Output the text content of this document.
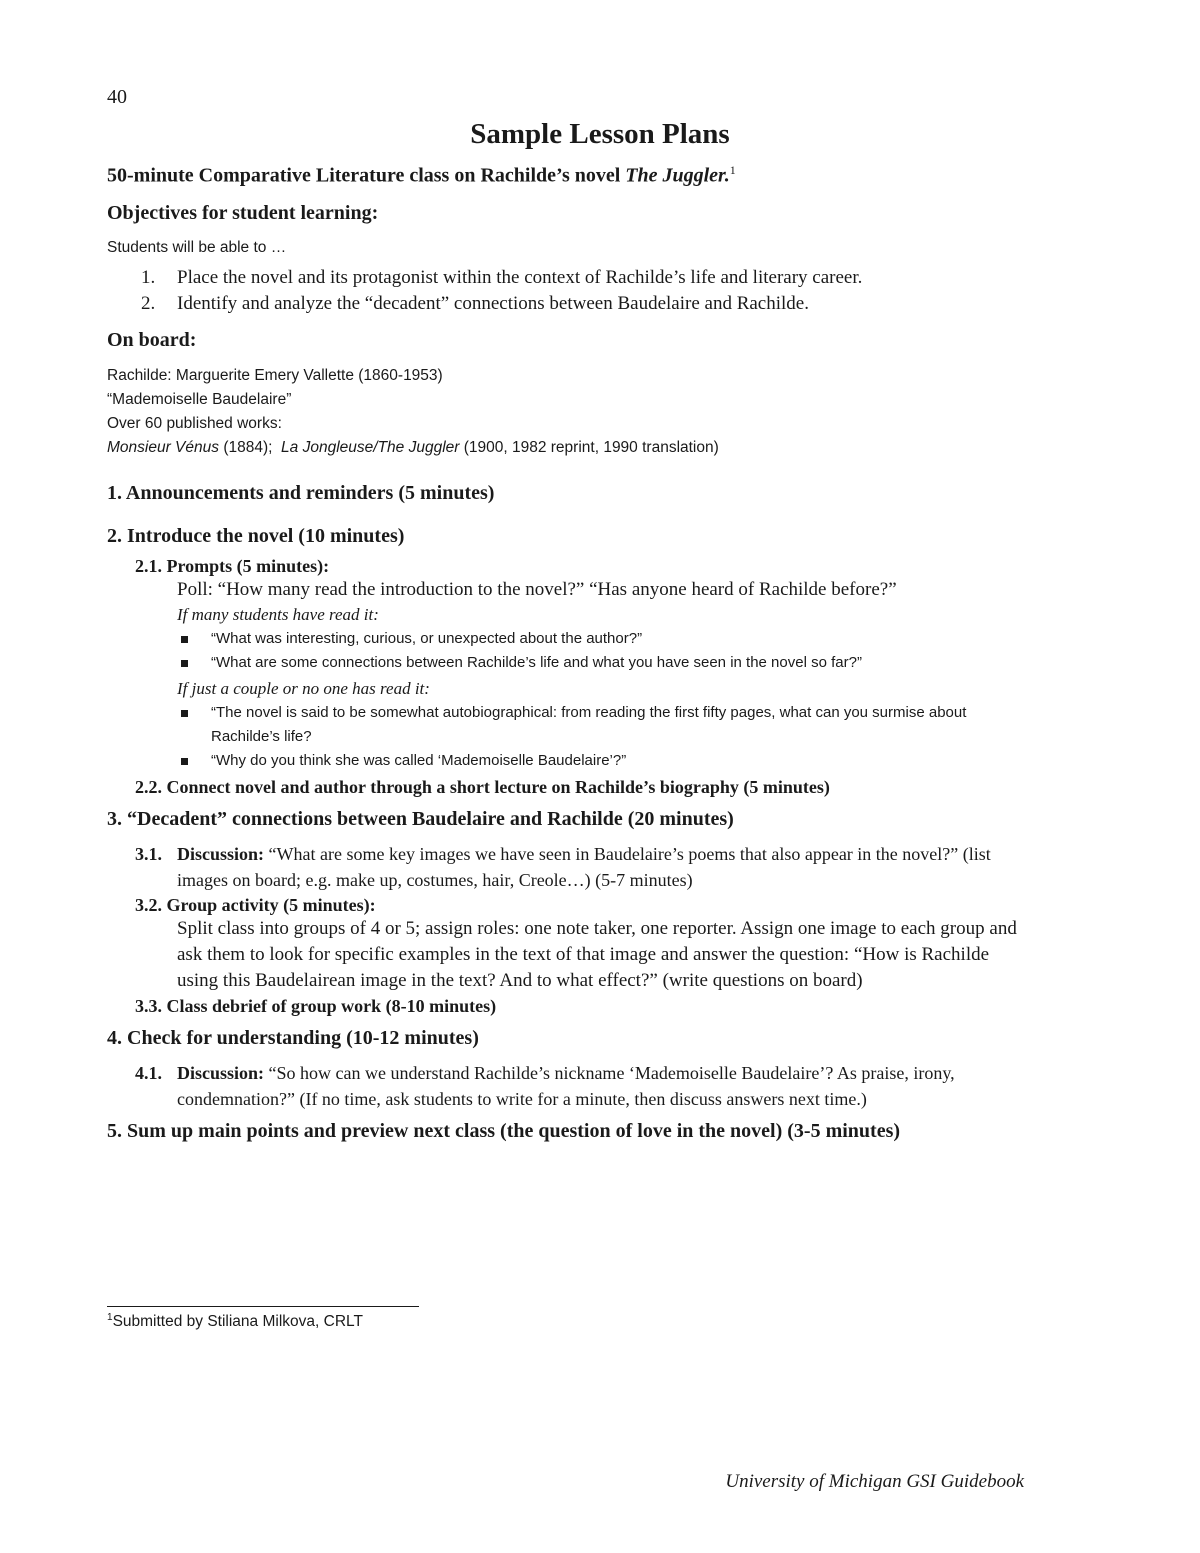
40
Sample Lesson Plans

50-minute Comparative Literature class on Rachilde’s novel The Juggler.$^1$

Objectives for student learning:

Students will be able to …

1.	Place the novel and its protagonist within the context of Rachilde’s life and literary career.
2.	Identify and analyze the “decadent” connections between Baudelaire and Rachilde.

On board:

Rachilde: Marguerite Emery Vallette (1860-1953)
“Mademoiselle Baudelaire”
Over 60 published works:
Monsieur Vénus (1884);  La Jongleuse/The Juggler (1900, 1982 reprint, 1990 translation)

1. Announcements and reminders (5 minutes)

2. Introduce the novel (10 minutes)

2.1. Prompts (5 minutes):

Poll: “How many read the introduction to the novel?” “Has anyone heard of Rachilde before?”

If many students have read it:

“What was interesting, curious, or unexpected about the author?”
“What are some connections between Rachilde’s life and what you have seen in the novel so far?”

If just a couple or no one has read it:

“The novel is said to be somewhat autobiographical: from reading the first fifty pages, what can you surmise about Rachilde’s life?
“Why do you think she was called ‘Mademoiselle Baudelaire’?”

2.2. Connect novel and author through a short lecture on Rachilde’s biography (5 minutes)

3. “Decadent” connections between Baudelaire and Rachilde (20 minutes)

3.1. Discussion: “What are some key images we have seen in Baudelaire’s poems that also appear in the novel?” (list images on board; e.g. make up, costumes, hair, Creole…) (5-7 minutes)

3.2. Group activity (5 minutes):

Split class into groups of 4 or 5; assign roles: one note taker, one reporter. Assign one image to each group and ask them to look for specific examples in the text of that image and answer the question: “How is Rachilde using this Baudelairean image in the text? And to what effect?” (write questions on board)

3.3. Class debrief of group work (8-10 minutes)

4. Check for understanding (10-12 minutes)

4.1. Discussion: “So how can we understand Rachilde’s nickname ‘Mademoiselle Baudelaire’? As praise, irony, condemnation?” (If no time, ask students to write for a minute, then discuss answers next time.)

5. Sum up main points and preview next class (the question of love in the novel) (3-5 minutes)

$^1$Submitted by Stiliana Milkova, CRLT
University of Michigan GSI Guidebook
